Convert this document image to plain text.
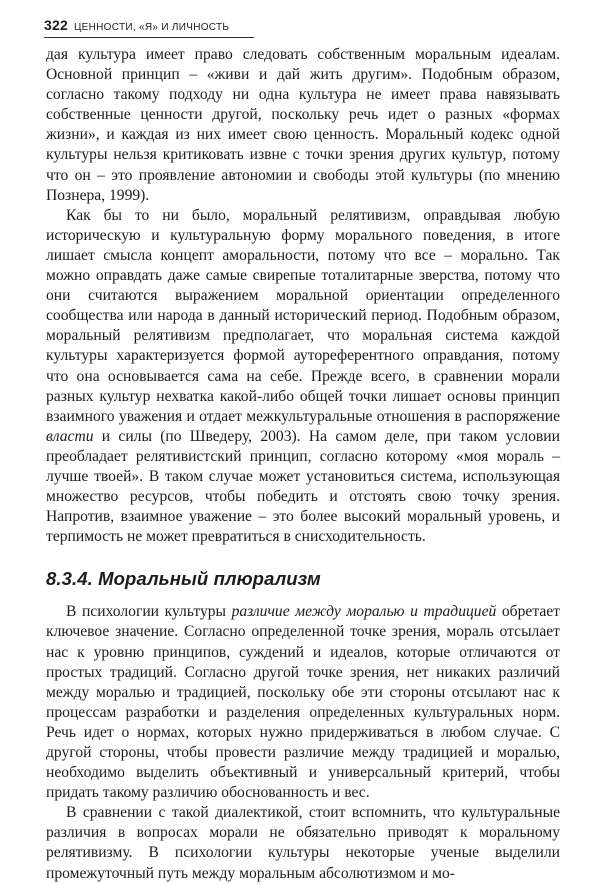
322 ЦЕННОСТИ, «Я» И ЛИЧНОСТЬ

дая культура имеет право следовать собственным моральным идеалам. Основной принцип – «живи и дай жить другим». Подобным образом, согласно такому подходу ни одна культура не имеет права навязывать собственные ценности другой, поскольку речь идет о разных «формах жизни», и каждая из них имеет свою ценность. Моральный кодекс одной культуры нельзя критиковать извне с точки зрения других культур, потому что он – это проявление автономии и свободы этой культуры (по мнению Познера, 1999).

Как бы то ни было, моральный релятивизм, оправдывая любую историческую и культуральную форму морального поведения, в итоге лишает смысла концепт аморальности, потому что все – морально. Так можно оправдать даже самые свирепые тоталитарные зверства, потому что они считаются выражением моральной ориентации определенного сообщества или народа в данный исторический период. Подобным образом, моральный релятивизм предполагает, что моральная система каждой культуры характеризуется формой аутореферентного оправдания, потому что она основывается сама на себе. Прежде всего, в сравнении морали разных культур нехватка какой-либо общей точки лишает основы принцип взаимного уважения и отдает межкультуральные отношения в распоряжение власти и силы (по Шведеру, 2003). На самом деле, при таком условии преобладает релятивистский принцип, согласно которому «моя мораль – лучше твоей». В таком случае может установиться система, использующая множество ресурсов, чтобы победить и отстоять свою точку зрения. Напротив, взаимное уважение – это более высокий моральный уровень, и терпимость не может превратиться в снисходительность.

8.3.4. Моральный плюрализм

В психологии культуры различие между моралью и традицией обретает ключевое значение. Согласно определенной точке зрения, мораль отсылает нас к уровню принципов, суждений и идеалов, которые отличаются от простых традиций. Согласно другой точке зрения, нет никаких различий между моралью и традицией, поскольку обе эти стороны отсылают нас к процессам разработки и разделения определенных культуральных норм. Речь идет о нормах, которых нужно придерживаться в любом случае. С другой стороны, чтобы провести различие между традицией и моралью, необходимо выделить объективный и универсальный критерий, чтобы придать такому различию обоснованность и вес.

В сравнении с такой диалектикой, стоит вспомнить, что культуральные различия в вопросах морали не обязательно приводят к моральному релятивизму. В психологии культуры некоторые ученые выделили промежуточный путь между моральным абсолютизмом и мо-
